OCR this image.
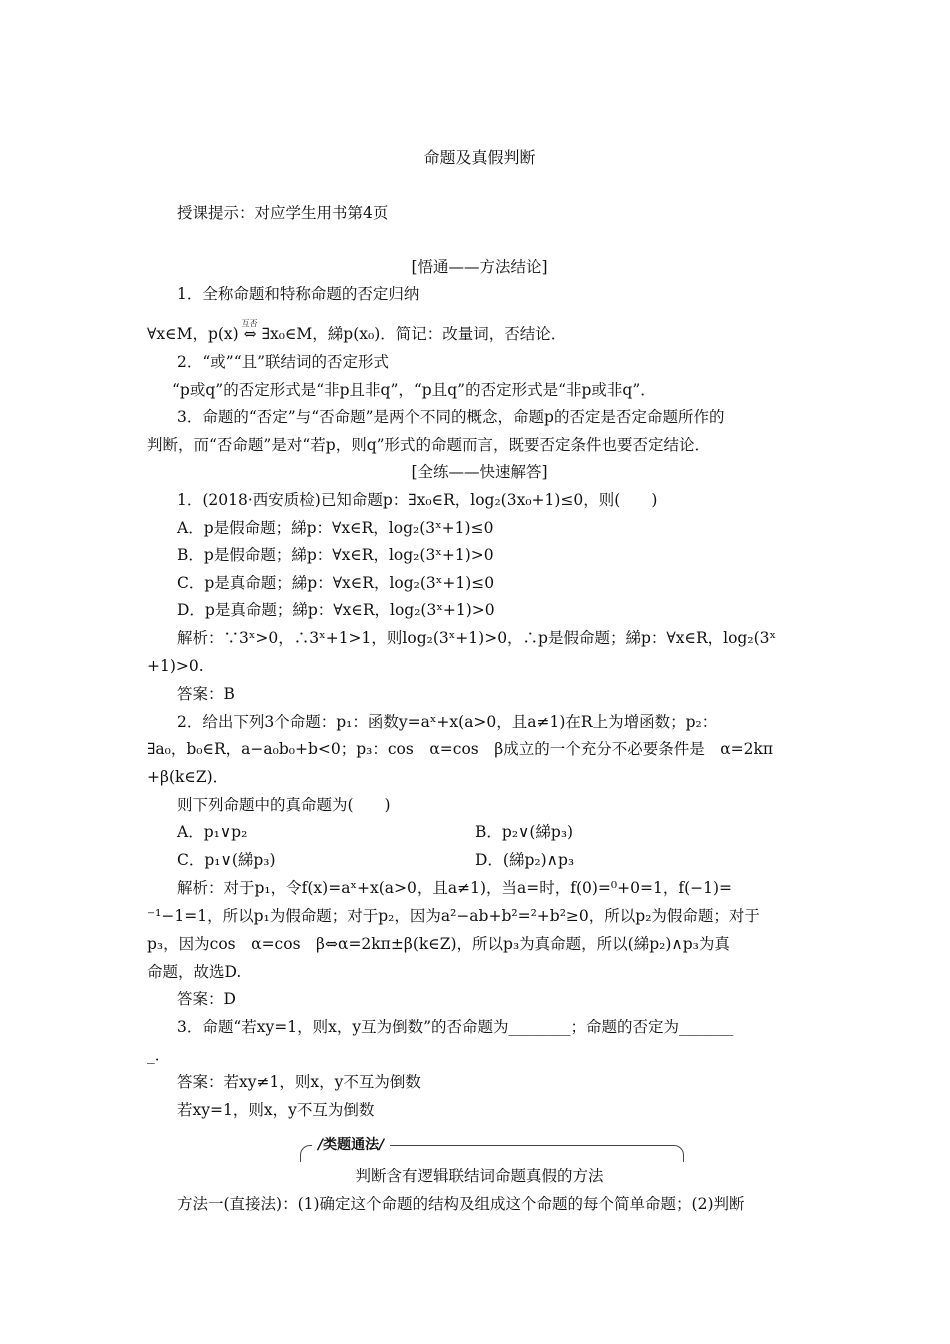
命题及真假判断
授课提示：对应学生用书第4页
[悟通——方法结论]
1．全称命题和特称命题的否定归纳
∀x∈M，p(x)
互否
⇔ ∃x₀∈M，綈p(x₀)．简记：改量词，否结论．
2．“或”“且”联结词的否定形式
“p或q”的否定形式是“非p且非q”，“p且q”的否定形式是“非p或非q”．
3．命题的“否定”与“否命题”是两个不同的概念，命题p的否定是否定命题所作的
判断，而“否命题”是对“若p，则q”形式的命题而言，既要否定条件也要否定结论．
[全练——快速解答]
1．(2018·西安质检)已知命题p：∃x₀∈R，log₂(3x₀+1)≤0，则(　　)
A．p是假命题；綈p：∀x∈R，log₂(3ˣ+1)≤0
B．p是假命题；綈p：∀x∈R，log₂(3ˣ+1)>0
C．p是真命题；綈p：∀x∈R，log₂(3ˣ+1)≤0
D．p是真命题；綈p：∀x∈R，log₂(3ˣ+1)>0
解析：∵3ˣ>0，∴3ˣ+1>1，则log₂(3ˣ+1)>0，∴p是假命题；綈p：∀x∈R，log₂(3ˣ
+1)>0.
答案：B
2．给出下列3个命题：p₁：函数y=aˣ+x(a>0，且a≠1)在R上为增函数；p₂：
∃a₀，b₀∈R，a−a₀b₀+b<0；p₃：cos　α=cos　β成立的一个充分不必要条件是　α=2kπ
+β(k∈Z)．
则下列命题中的真命题为(　　)
A．p₁∨p₂	B．p₂∨(綈p₃)
C．p₁∨(綈p₃)	D．(綈p₂)∧p₃
解析：对于p₁，令f(x)=aˣ+x(a>0，且a≠1)，当a=时，f(0)=⁰+0=1，f(−1)=
⁻¹−1=1，所以p₁为假命题；对于p₂，因为a²−ab+b²=²+b²≥0，所以p₂为假命题；对于
p₃，因为cos　α=cos　β⇔α=2kπ±β(k∈Z)，所以p₃为真命题，所以(綈p₂)∧p₃为真
命题，故选D.
答案：D
3．命题“若xy=1，则x，y互为倒数”的否命题为________；命题的否定为_______
_．
答案：若xy≠1，则x，y不互为倒数
若xy=1，则x，y不互为倒数
/类题通法/
判断含有逻辑联结词命题真假的方法
方法一(直接法)：(1)确定这个命题的结构及组成这个命题的每个简单命题；(2)判断
